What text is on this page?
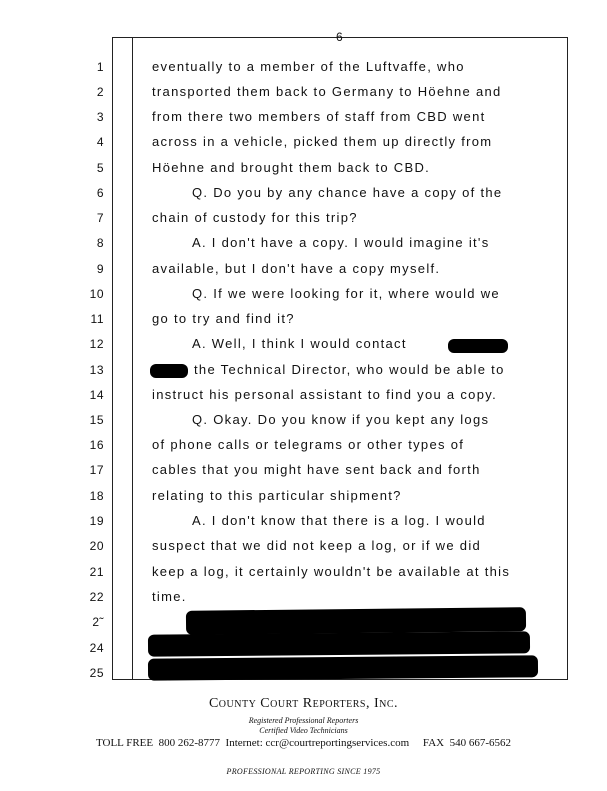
6
1
2
3
4
5
6
7
8
9
10
11
12
13
14
15
16
17
18
19
20
21
22
2˜
24
25
eventually to a member of the Luftvaffe, who
transported them back to Germany to Höehne and
from there two members of staff from CBD went
across in a vehicle, picked them up directly from
Höehne and brought them back to CBD.
Q. Do you by any chance have a copy of the
chain of custody for this trip?
A. I don't have a copy. I would imagine it's
available, but I don't have a copy myself.
Q. If we were looking for it, where would we
go to try and find it?
A. Well, I think I would contact
the Technical Director, who would be able to
instruct his personal assistant to find you a copy.
Q. Okay. Do you know if you kept any logs
of phone calls or telegrams or other types of
cables that you might have sent back and forth
relating to this particular shipment?
A. I don't know that there is a log. I would
suspect that we did not keep a log, or if we did
keep a log, it certainly wouldn't be available at this
time.
County Court Reporters, Inc.
Registered Professional Reporters
Certified Video Technicians
TOLL FREE  800 262-8777  Internet: ccr@courtreportingservices.com     FAX  540 667-6562
PROFESSIONAL REPORTING SINCE 1975
